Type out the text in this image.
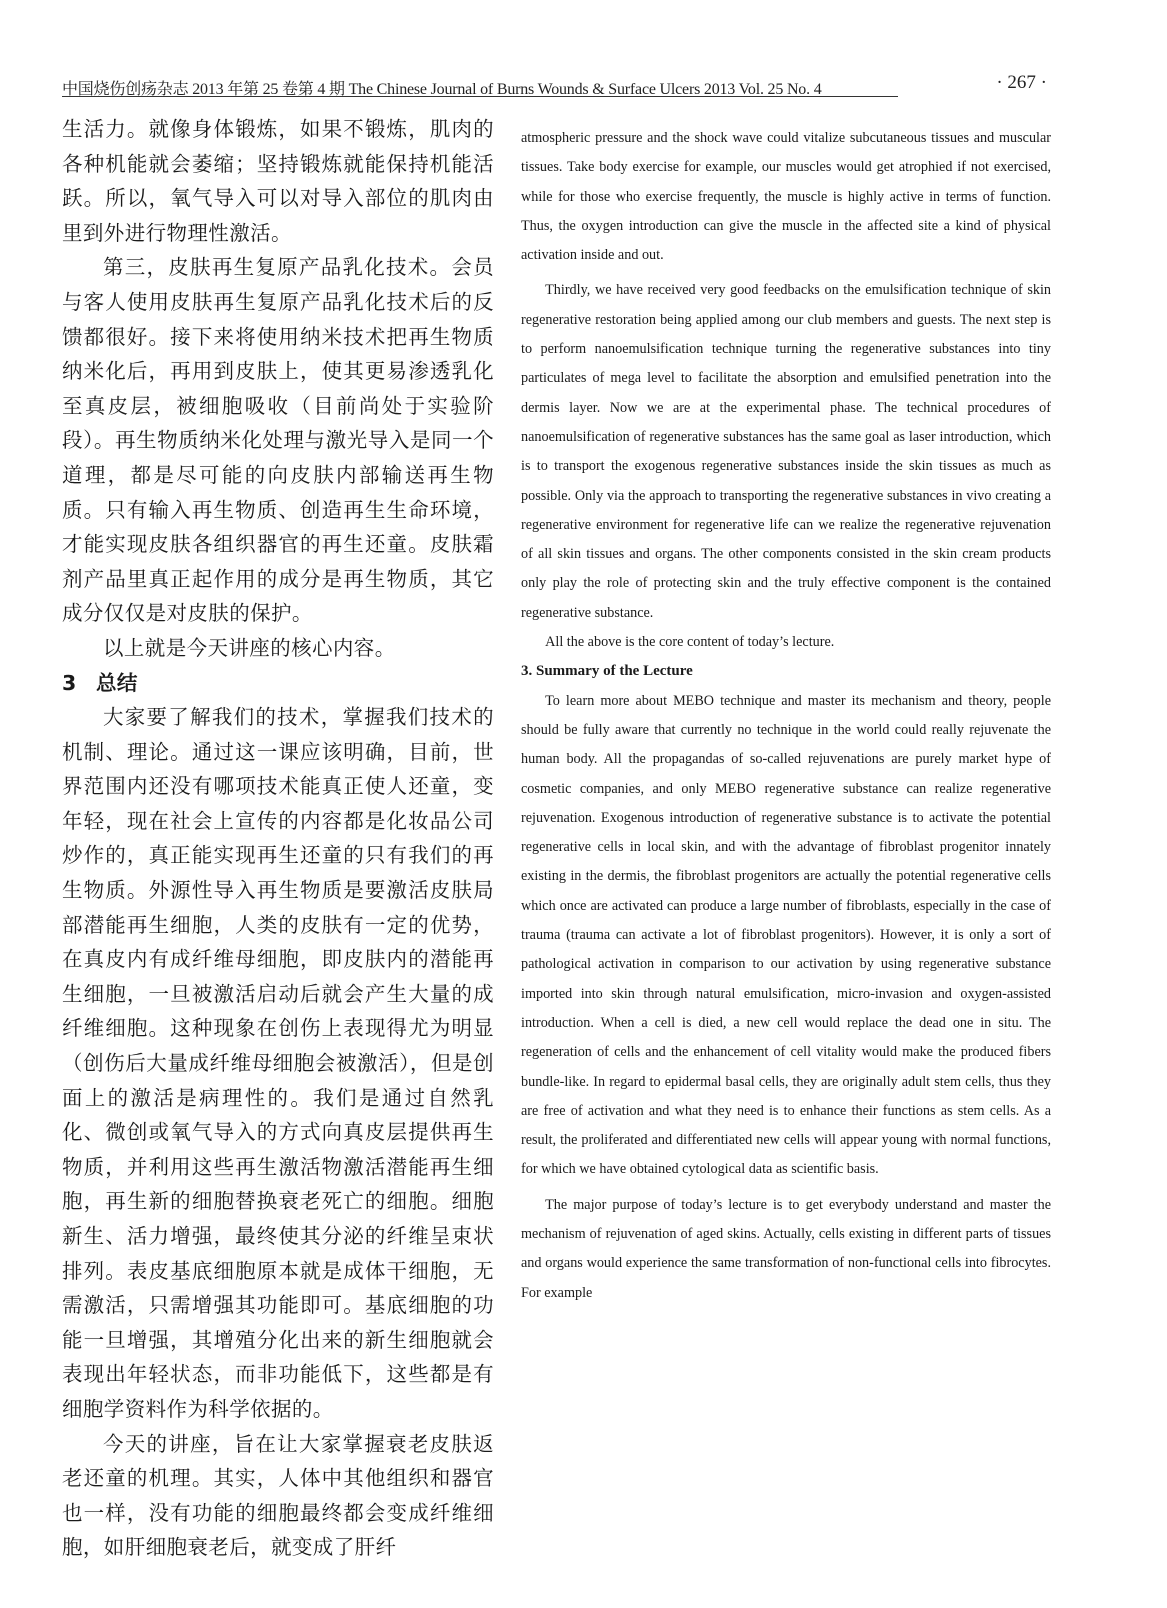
中国烧伤创疡杂志 2013 年第 25 卷第 4 期 The Chinese Journal of Burns Wounds & Surface Ulcers 2013 Vol. 25 No. 4	· 267 ·

生活力。就像身体锻炼，如果不锻炼，肌肉的各种机能就会萎缩；坚持锻炼就能保持机能活跃。所以，氧气导入可以对导入部位的肌肉由里到外进行物理性激活。

第三，皮肤再生复原产品乳化技术。会员与客人使用皮肤再生复原产品乳化技术后的反馈都很好。接下来将使用纳米技术把再生物质纳米化后，再用到皮肤上，使其更易渗透乳化至真皮层，被细胞吸收（目前尚处于实验阶段）。再生物质纳米化处理与激光导入是同一个道理，都是尽可能的向皮肤内部输送再生物质。只有输入再生物质、创造再生生命环境，才能实现皮肤各组织器官的再生还童。皮肤霜剂产品里真正起作用的成分是再生物质，其它成分仅仅是对皮肤的保护。

以上就是今天讲座的核心内容。

3 总结

大家要了解我们的技术，掌握我们技术的机制、理论。通过这一课应该明确，目前，世界范围内还没有哪项技术能真正使人还童，变年轻，现在社会上宣传的内容都是化妆品公司炒作的，真正能实现再生还童的只有我们的再生物质。外源性导入再生物质是要激活皮肤局部潜能再生细胞，人类的皮肤有一定的优势，在真皮内有成纤维母细胞，即皮肤内的潜能再生细胞，一旦被激活启动后就会产生大量的成纤维细胞。这种现象在创伤上表现得尤为明显（创伤后大量成纤维母细胞会被激活），但是创面上的激活是病理性的。我们是通过自然乳化、微创或氧气导入的方式向真皮层提供再生物质，并利用这些再生激活物激活潜能再生细胞，再生新的细胞替换衰老死亡的细胞。细胞新生、活力增强，最终使其分泌的纤维呈束状排列。表皮基底细胞原本就是成体干细胞，无需激活，只需增强其功能即可。基底细胞的功能一旦增强，其增殖分化出来的新生细胞就会表现出年轻状态，而非功能低下，这些都是有细胞学资料作为科学依据的。

今天的讲座，旨在让大家掌握衰老皮肤返老还童的机理。其实，人体中其他组织和器官也一样，没有功能的细胞最终都会变成纤维细胞，如肝细胞衰老后，就变成了肝纤

atmospheric pressure and the shock wave could vitalize subcutaneous tissues and muscular tissues. Take body exercise for example, our muscles would get atrophied if not exercised, while for those who exercise frequently, the muscle is highly active in terms of function. Thus, the oxygen introduction can give the muscle in the affected site a kind of physical activation inside and out.

Thirdly, we have received very good feedbacks on the emulsification technique of skin regenerative restoration being applied among our club members and guests. The next step is to perform nanoemulsification technique turning the regenerative substances into tiny particulates of mega level to facilitate the absorption and emulsified penetration into the dermis layer. Now we are at the experimental phase. The technical procedures of nanoemulsification of regenerative substances has the same goal as laser introduction, which is to transport the exogenous regenerative substances inside the skin tissues as much as possible. Only via the approach to transporting the regenerative substances in vivo creating a regenerative environment for regenerative life can we realize the regenerative rejuvenation of all skin tissues and organs. The other components consisted in the skin cream products only play the role of protecting skin and the truly effective component is the contained regenerative substance.

All the above is the core content of today’s lecture.

3. Summary of the Lecture

To learn more about MEBO technique and master its mechanism and theory, people should be fully aware that currently no technique in the world could really rejuvenate the human body. All the propagandas of so-called rejuvenations are purely market hype of cosmetic companies, and only MEBO regenerative substance can realize regenerative rejuvenation. Exogenous introduction of regenerative substance is to activate the potential regenerative cells in local skin, and with the advantage of fibroblast progenitor innately existing in the dermis, the fibroblast progenitors are actually the potential regenerative cells which once are activated can produce a large number of fibroblasts, especially in the case of trauma (trauma can activate a lot of fibroblast progenitors). However, it is only a sort of pathological activation in comparison to our activation by using regenerative substance imported into skin through natural emulsification, micro-invasion and oxygen-assisted introduction. When a cell is died, a new cell would replace the dead one in situ. The regeneration of cells and the enhancement of cell vitality would make the produced fibers bundle-like. In regard to epidermal basal cells, they are originally adult stem cells, thus they are free of activation and what they need is to enhance their functions as stem cells. As a result, the proliferated and differentiated new cells will appear young with normal functions, for which we have obtained cytological data as scientific basis.

The major purpose of today’s lecture is to get everybody understand and master the mechanism of rejuvenation of aged skins. Actually, cells existing in different parts of tissues and organs would experience the same transformation of non-functional cells into fibrocytes. For example
